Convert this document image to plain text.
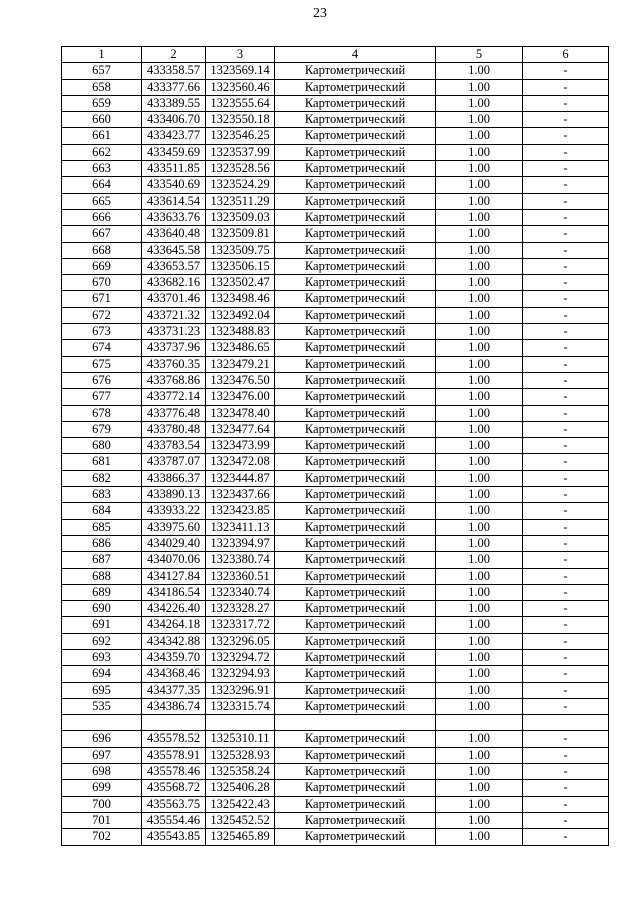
23
1	2	3	4	5	6
657	433358.57	1323569.14	Картометрический	1.00	-
658	433377.66	1323560.46	Картометрический	1.00	-
659	433389.55	1323555.64	Картометрический	1.00	-
660	433406.70	1323550.18	Картометрический	1.00	-
661	433423.77	1323546.25	Картометрический	1.00	-
662	433459.69	1323537.99	Картометрический	1.00	-
663	433511.85	1323528.56	Картометрический	1.00	-
664	433540.69	1323524.29	Картометрический	1.00	-
665	433614.54	1323511.29	Картометрический	1.00	-
666	433633.76	1323509.03	Картометрический	1.00	-
667	433640.48	1323509.81	Картометрический	1.00	-
668	433645.58	1323509.75	Картометрический	1.00	-
669	433653.57	1323506.15	Картометрический	1.00	-
670	433682.16	1323502.47	Картометрический	1.00	-
671	433701.46	1323498.46	Картометрический	1.00	-
672	433721.32	1323492.04	Картометрический	1.00	-
673	433731.23	1323488.83	Картометрический	1.00	-
674	433737.96	1323486.65	Картометрический	1.00	-
675	433760.35	1323479.21	Картометрический	1.00	-
676	433768.86	1323476.50	Картометрический	1.00	-
677	433772.14	1323476.00	Картометрический	1.00	-
678	433776.48	1323478.40	Картометрический	1.00	-
679	433780.48	1323477.64	Картометрический	1.00	-
680	433783.54	1323473.99	Картометрический	1.00	-
681	433787.07	1323472.08	Картометрический	1.00	-
682	433866.37	1323444.87	Картометрический	1.00	-
683	433890.13	1323437.66	Картометрический	1.00	-
684	433933.22	1323423.85	Картометрический	1.00	-
685	433975.60	1323411.13	Картометрический	1.00	-
686	434029.40	1323394.97	Картометрический	1.00	-
687	434070.06	1323380.74	Картометрический	1.00	-
688	434127.84	1323360.51	Картометрический	1.00	-
689	434186.54	1323340.74	Картометрический	1.00	-
690	434226.40	1323328.27	Картометрический	1.00	-
691	434264.18	1323317.72	Картометрический	1.00	-
692	434342.88	1323296.05	Картометрический	1.00	-
693	434359.70	1323294.72	Картометрический	1.00	-
694	434368.46	1323294.93	Картометрический	1.00	-
695	434377.35	1323296.91	Картометрический	1.00	-
535	434386.74	1323315.74	Картометрический	1.00	-

696	435578.52	1325310.11	Картометрический	1.00	-
697	435578.91	1325328.93	Картометрический	1.00	-
698	435578.46	1325358.24	Картометрический	1.00	-
699	435568.72	1325406.28	Картометрический	1.00	-
700	435563.75	1325422.43	Картометрический	1.00	-
701	435554.46	1325452.52	Картометрический	1.00	-
702	435543.85	1325465.89	Картометрический	1.00	-
